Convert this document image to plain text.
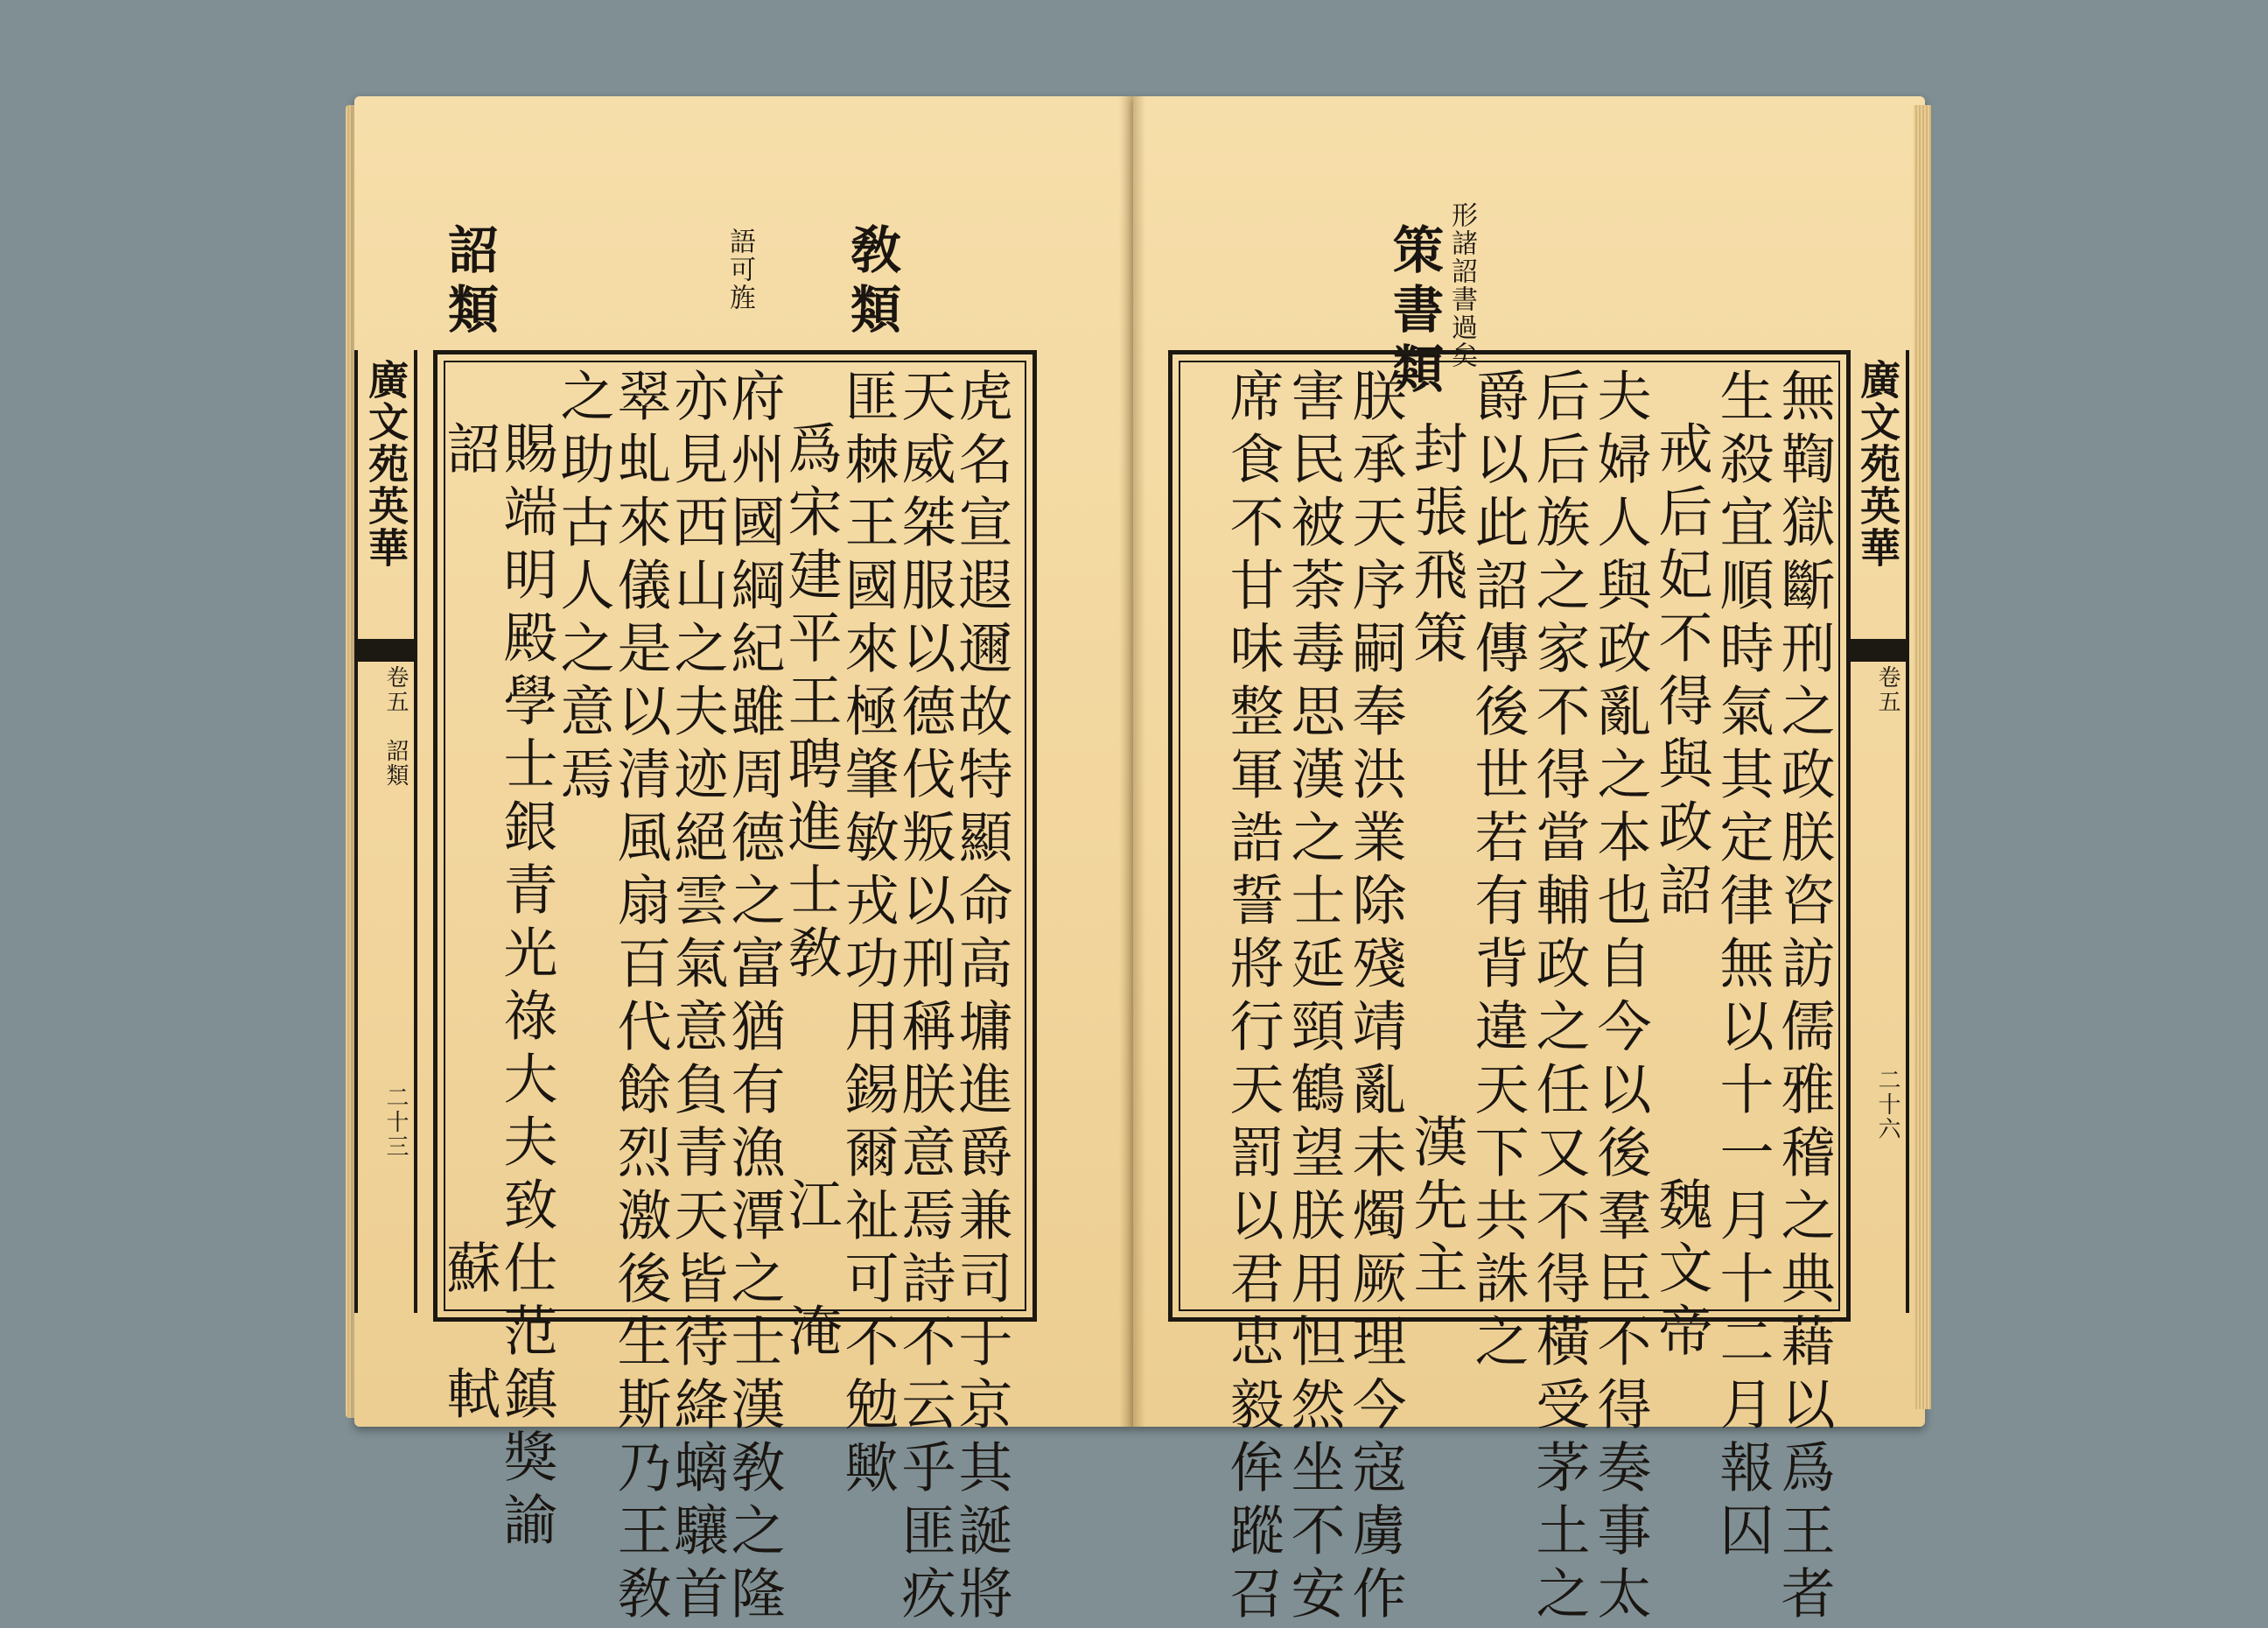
廣文苑英華
卷五　詔類
二十三
詔類	語可旌 敎類
虎名宣遐邇故特顯命高墉進爵兼司于京其誕將
天威桀服以德伐叛以刑稱朕意焉詩不云乎匪疚
匪棘王國來極肇敏戎功用錫爾祉可不勉歟
爲宋建平王聘進士敎　　　江　淹
府州國綱紀雖周德之富猶有漁潭之士漢敎之隆
亦見西山之夫迹絕雲氣意負青天皆待絳螭驤首
翠虬來儀是以清風扇百代餘烈激後生斯乃王敎
之助古人之意焉
賜端明殿學士銀青光祿大夫致仕范鎮獎諭
詔　　　　　　　　　　　　蘇　軾
策書類 形諸詔書過矣
無鞫獄斷刑之政朕咨訪儒雅稽之典藉以爲王者
生殺宜順時氣其定律無以十一月十二月報囚
戒后妃不得與政詔　　　　魏文帝
夫婦人與政亂之本也自今以後羣臣不得奏事太
后后族之家不得當輔政之任又不得橫受茅土之
爵以此詔傳後世若有背違天下共誅之
封張飛策　　　　　　　漢先主
朕承天序嗣奉洪業除殘靖亂未燭厥理今寇虜作
害民被荼毒思漢之士延頸鶴望朕用怛然坐不安
席食不甘味整軍誥誓將行天罰以君忠毅侔蹤召	廣文苑英華
卷五
二十六
